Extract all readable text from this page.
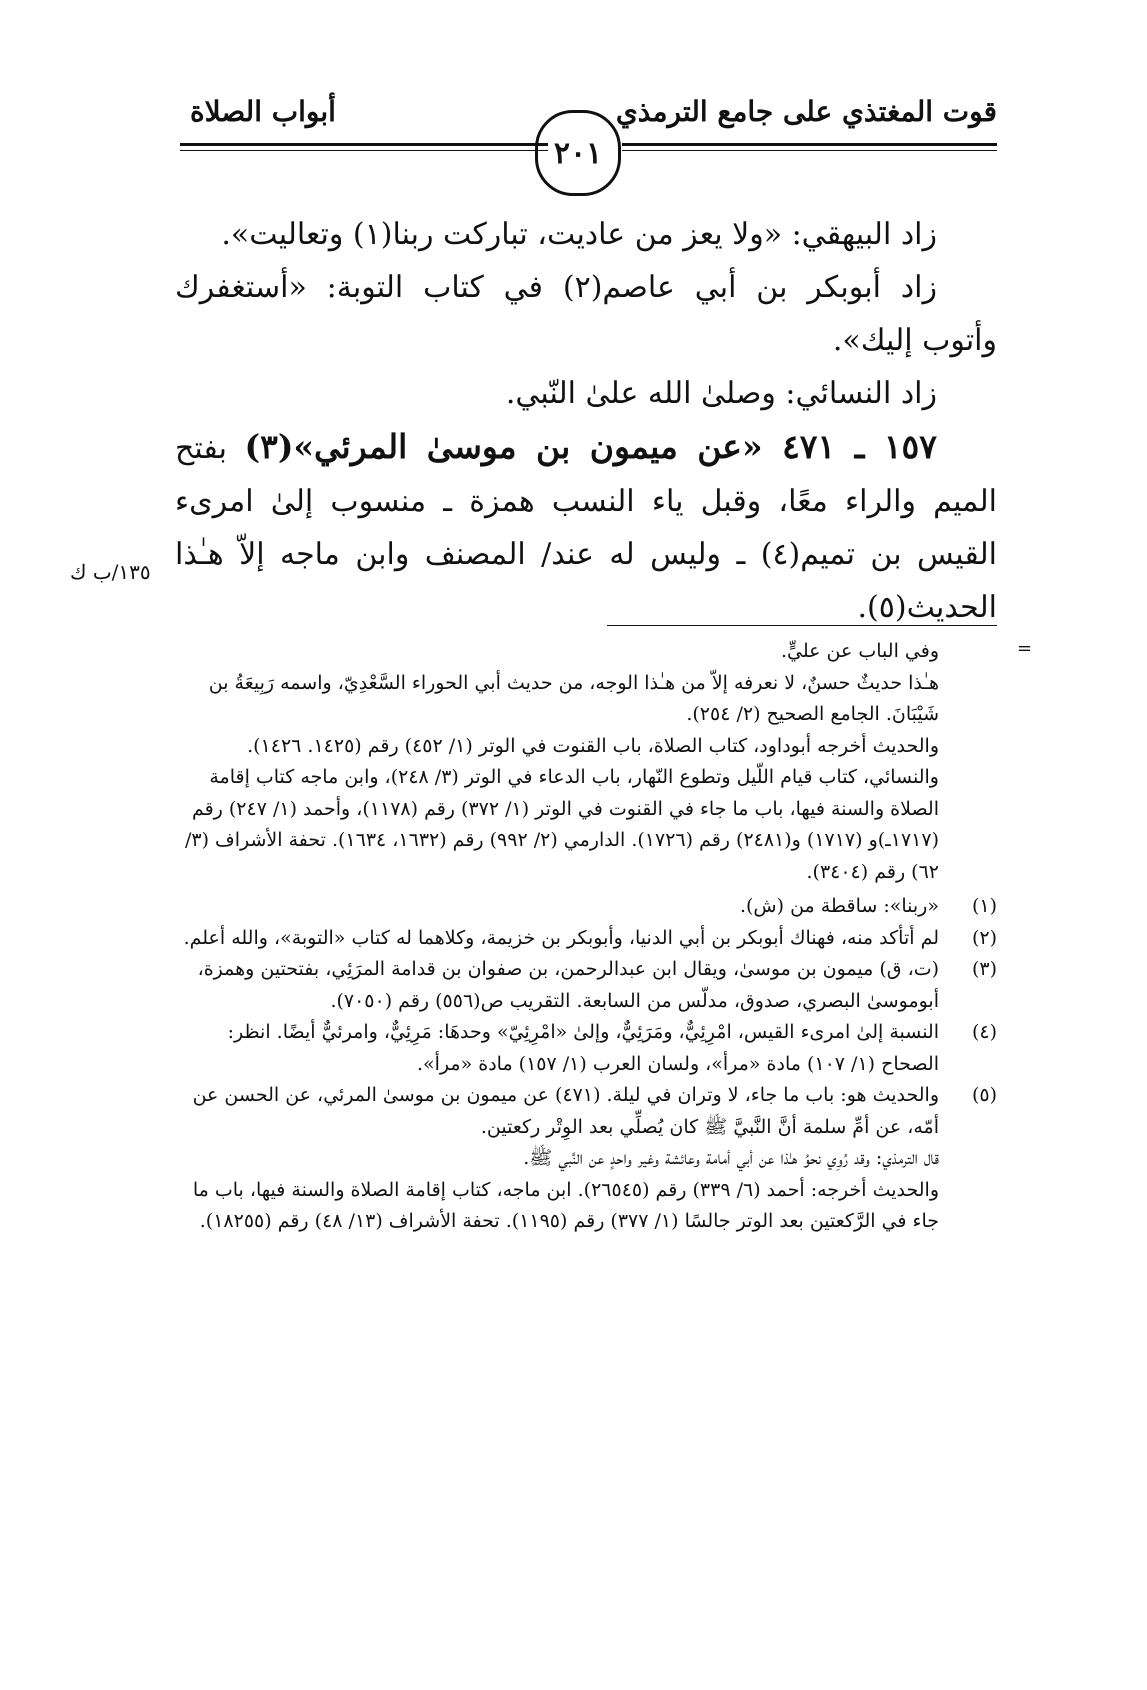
قوت المغتذي على جامع الترمذي
٢٠١
أبواب الصلاة

زاد البيهقي: «ولا يعز من عاديت، تباركت ربنا(١) وتعاليت».

زاد أبوبكر بن أبي عاصم(٢) في كتاب التوبة: «أستغفرك وأتوب إليك».

زاد النسائي: وصلىٰ الله علىٰ النّبي.

١٥٧ ـ ٤٧١ «عن ميمون بن موسىٰ المرئي»(٣) بفتح الميم والراء معًا، وقبل ياء النسب همزة ـ منسوب إلىٰ امرىء القيس بن تميم(٤) ـ وليس له عند/ المصنف وابن ماجه إلاّ هـٰذا الحديث(٥).

١٣٥/ب ك
=

وفي الباب عن عليٍّ.

هـٰذا حديثٌ حسنٌ، لا نعرفه إلاّ من هـٰذا الوجه، من حديث أبي الحوراء السَّعْدِيّ، واسمه رَبِيعَةُ بن شَيْبَانَ. الجامع الصحيح (٢/ ٢٥٤).

والحديث أخرجه أبوداود، كتاب الصلاة، باب القنوت في الوتر (١/ ٤٥٢) رقم (١٤٢٥. ١٤٢٦). والنسائي، كتاب قيام اللّيل وتطوع النّهار، باب الدعاء في الوتر (٣/ ٢٤٨)، وابن ماجه كتاب إقامة الصلاة والسنة فيها، باب ما جاء في القنوت في الوتر (١/ ٣٧٢) رقم (١١٧٨)، وأحمد (١/ ٢٤٧) رقم (١٧١٧ـ)و (١٧١٧) و(٢٤٨١) رقم (١٧٢٦). الدارمي (٢/ ٩٩٢) رقم (١٦٣٢، ١٦٣٤). تحفة الأشراف (٣/ ٦٢) رقم (٣٤٠٤).

(١)
«ربنا»: ساقطة من (ش).
(٢)
لم أتأكد منه، فهناك أبوبكر بن أبي الدنيا، وأبوبكر بن خزيمة، وكلاهما له كتاب «التوبة»، والله أعلم.
(٣)
(ت، ق) ميمون بن موسىٰ، ويقال ابن عبدالرحمن، بن صفوان بن قدامة المرَئِي، بفتحتين وهمزة، أبوموسىٰ البصري، صدوق، مدلّس من السابعة. التقريب ص(٥٥٦) رقم (٧٠٥٠).
(٤)
النسبة إلىٰ امرىء القيس، امْرِئِيٌّ، ومَرَئِيٌّ، وإلىٰ «امْرِئِيّ» وحدهَا: مَرِئِيٌّ، وامرئيٌّ أيضًا. انظر: الصحاح (١/ ١٠٧) مادة «مرأ»، ولسان العرب (١/ ١٥٧) مادة «مرأ».
(٥)
والحديث هو: باب ما جاء، لا وتران في ليلة. (٤٧١) عن ميمون بن موسىٰ المرئي، عن الحسن عن أمّه، عن أمِّ سلمة أنَّ النَّبيَّ ﷺ كان يُصلِّي بعد الوِتْر ركعتين.

قال الترمذي: وقد رُوِي نحوُ هـٰذا عن أبي أمامة وعائشة وغير واحدٍ عن النَّبي ﷺ.

والحديث أخرجه: أحمد (٦/ ٣٣٩) رقم (٢٦٥٤٥). ابن ماجه، كتاب إقامة الصلاة والسنة فيها، باب ما جاء في الرَّكعتين بعد الوتر جالسًا (١/ ٣٧٧) رقم (١١٩٥). تحفة الأشراف (١٣/ ٤٨) رقم (١٨٢٥٥).
